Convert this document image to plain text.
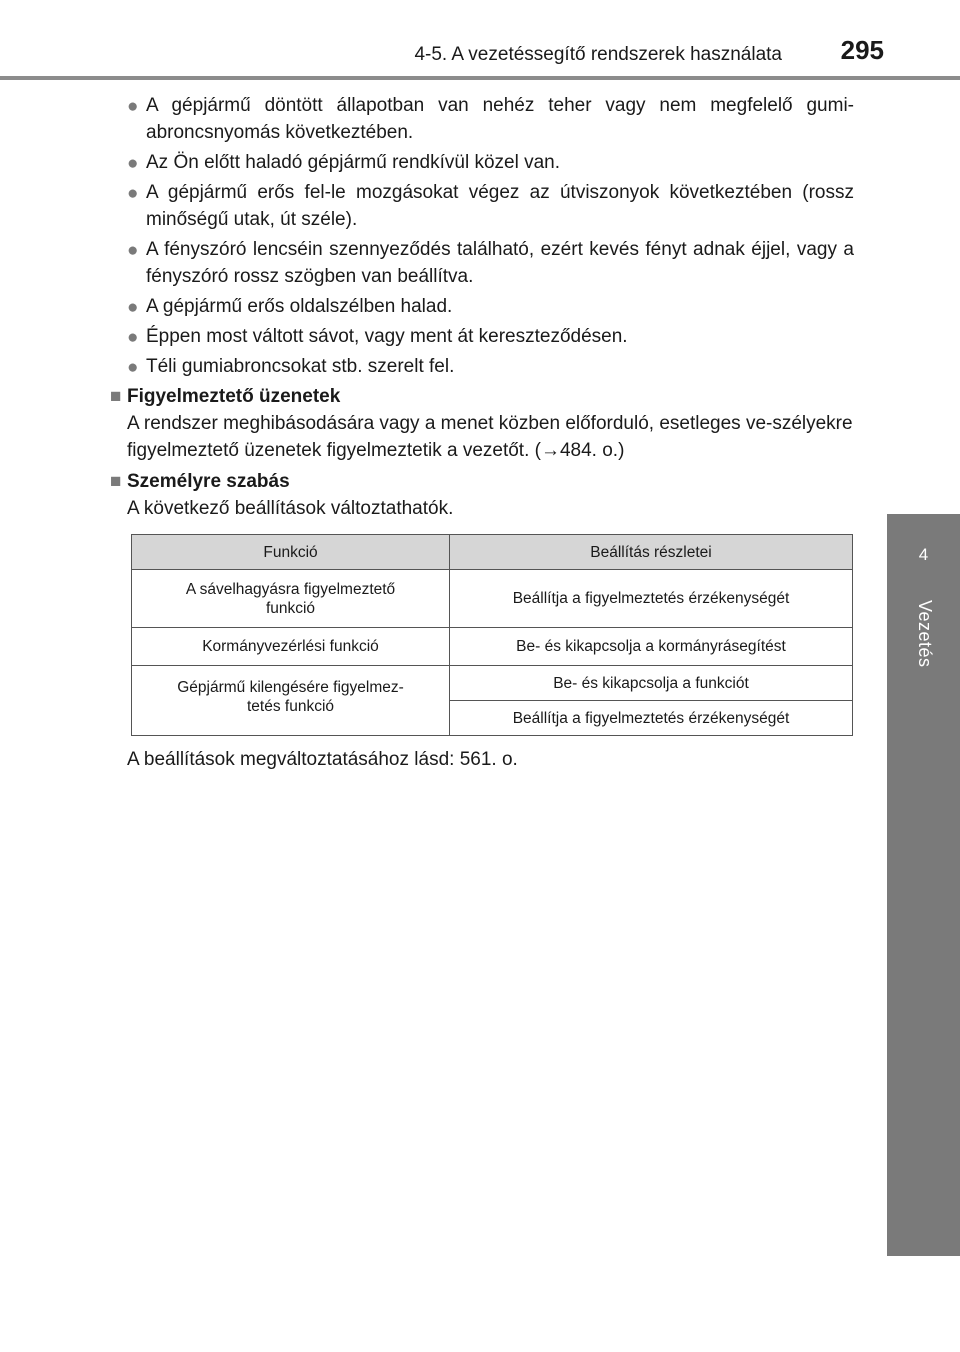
4-5. A vezetéssegítő rendszerek használata 295
4
Vezetés
● A gépjármű döntött állapotban van nehéz teher vagy nem megfelelő gumi-abroncsnyomás következtében.
● Az Ön előtt haladó gépjármű rendkívül közel van.
● A gépjármű erős fel-le mozgásokat végez az útviszonyok következtében (rossz minőségű utak, út széle).
● A fényszóró lencséin szennyeződés található, ezért kevés fényt adnak éjjel, vagy a fényszóró rossz szögben van beállítva.
● A gépjármű erős oldalszélben halad.
● Éppen most váltott sávot, vagy ment át kereszteződésen.
● Téli gumiabroncsokat stb. szerelt fel.
■ Figyelmeztető üzenetek
A rendszer meghibásodására vagy a menet közben előforduló, esetleges ve-szélyekre figyelmeztető üzenetek figyelmeztetik a vezetőt. (→484. o.)
■ Személyre szabás
A következő beállítások változtathatók.
Funkció	Beállítás részletei
A sávelhagyásra figyelmeztető
funkció	Beállítja a figyelmeztetés érzékenységét
Kormányvezérlési funkció	Be- és kikapcsolja a kormányrásegítést
Gépjármű kilengésére figyelmez-
tetés funkció	Be- és kikapcsolja a funkciót
	Beállítja a figyelmeztetés érzékenységét
A beállítások megváltoztatásához lásd: 561. o.
